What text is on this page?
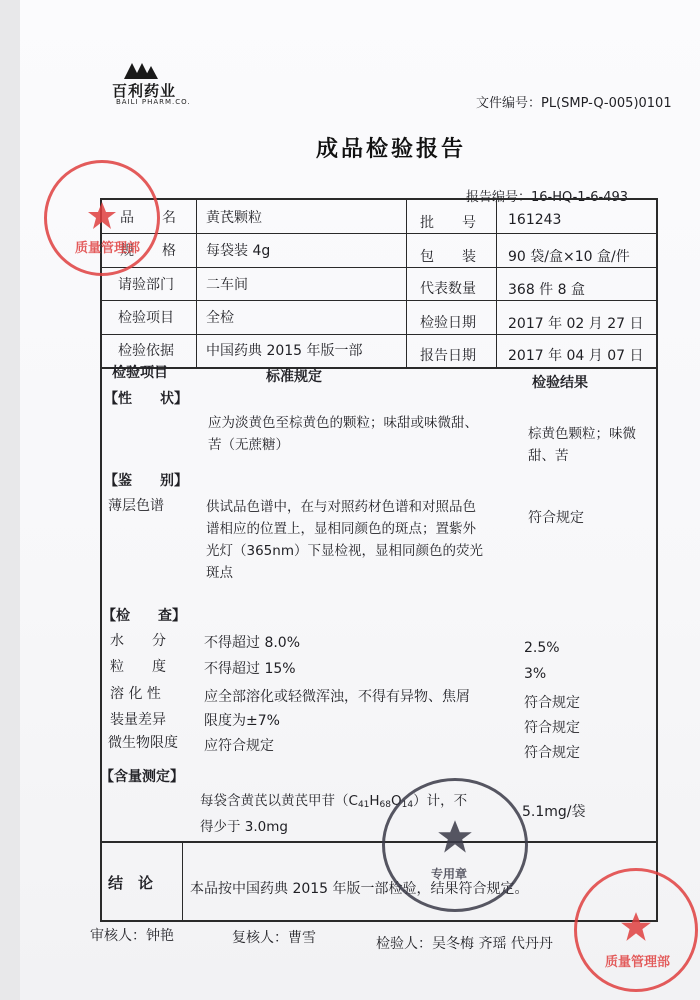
百利药业
BAILI PHARM.CO.	文件编号：PL(SMP-Q-005)0101
成品检验报告
品　　名 黄芪颗粒	批　　号 161243
规　　格 每袋装 4g	包　　装 90 袋/盒×10 盒/件
请验部门 二车间	代表数量 368 件 8 盒
检验项目 全检	检验日期 2017 年 02 月 27 日
检验依据 中国药典 2015 年版一部	报告日期 2017 年 04 月 07 日
检验项目	标准规定	检验结果
【性　　状】
应为淡黄色至棕黄色的颗粒；味甜或味微甜、
苦（无蔗糖）
棕黄色颗粒；味微
甜、苦
【鉴　　别】
薄层色谱	供试品色谱中，在与对照药材色谱和对照品色
谱相应的位置上，显相同颜色的斑点；置紫外
光灯（365nm）下显检视，显相同颜色的荧光
斑点
符合规定
【检　　查】
水　　分	不得超过 8.0%	2.5%
粒　　度	不得超过 15%	3%
溶 化 性	应全部溶化或轻微浑浊，不得有异物、焦屑	符合规定
装量差异	限度为±7%	符合规定
微生物限度 应符合规定	符合规定
【含量测定】
每袋含黄芪以黄芪甲苷$(C_{41}H_{68}O_{14})$计，不
得少于 3.0mg
5.1mg/袋
结　论	本品按中国药典 2015 年版一部检验，结果符合规定。
审核人：钟艳	复核人：曹雪	检验人：吴冬梅 齐瑶 代丹丹
质量管理部
专用章
质量管理部
